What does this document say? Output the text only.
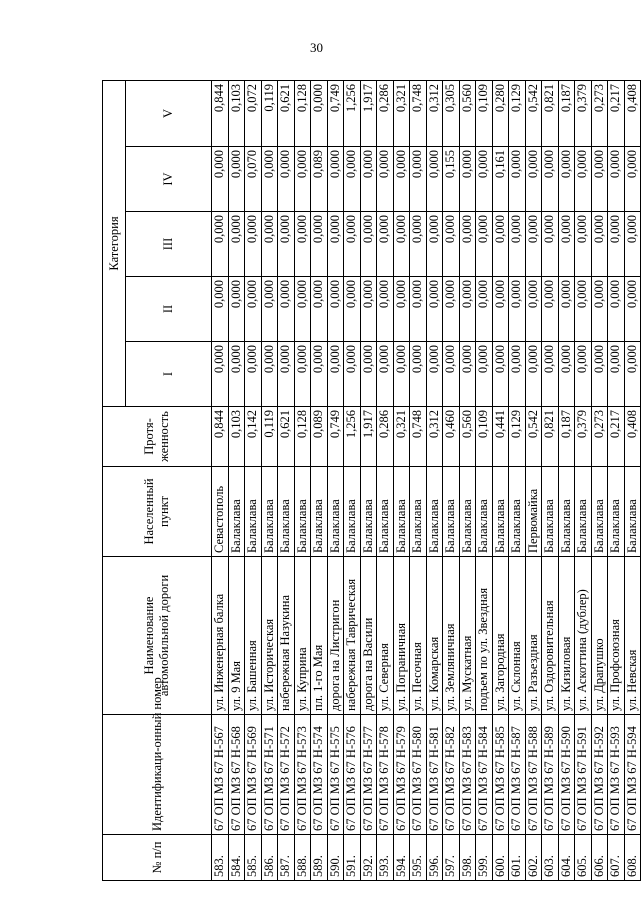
30
№ п/п	Идентификаци-онный номер	Наименование автомобильной дороги	Населенный пункт	Протя-женность	Категория				
					I	II	III	IV	V
583.	67 ОП МЗ 67 Н-567	ул. Инженерная балка	Севастополь	0,844	0,000	0,000	0,000	0,000	0,844
584.	67 ОП МЗ 67 Н-568	ул. 9 Мая	Балаклава	0,103	0,000	0,000	0,000	0,000	0,103
585.	67 ОП МЗ 67 Н-569	ул. Башенная	Балаклава	0,142	0,000	0,000	0,000	0,070	0,072
586.	67 ОП МЗ 67 Н-571	ул. Историческая	Балаклава	0,119	0,000	0,000	0,000	0,000	0,119
587.	67 ОП МЗ 67 Н-572	набережная Назукина	Балаклава	0,621	0,000	0,000	0,000	0,000	0,621
588.	67 ОП МЗ 67 Н-573	ул. Куприна	Балаклава	0,128	0,000	0,000	0,000	0,000	0,128
589.	67 ОП МЗ 67 Н-574	пл. 1-го Мая	Балаклава	0,089	0,000	0,000	0,000	0,089	0,000
590.	67 ОП МЗ 67 Н-575	дорога на Листригон	Балаклава	0,749	0,000	0,000	0,000	0,000	0,749
591.	67 ОП МЗ 67 Н-576	набережная Таврическая	Балаклава	1,256	0,000	0,000	0,000	0,000	1,256
592.	67 ОП МЗ 67 Н-577	дорога на Васили	Балаклава	1,917	0,000	0,000	0,000	0,000	1,917
593.	67 ОП МЗ 67 Н-578	ул. Северная	Балаклава	0,286	0,000	0,000	0,000	0,000	0,286
594.	67 ОП МЗ 67 Н-579	ул. Пограничная	Балаклава	0,321	0,000	0,000	0,000	0,000	0,321
595.	67 ОП МЗ 67 Н-580	ул. Песочная	Балаклава	0,748	0,000	0,000	0,000	0,000	0,748
596.	67 ОП МЗ 67 Н-581	ул. Комарская	Балаклава	0,312	0,000	0,000	0,000	0,000	0,312
597.	67 ОП МЗ 67 Н-582	ул. Земляничная	Балаклава	0,460	0,000	0,000	0,000	0,155	0,305
598.	67 ОП МЗ 67 Н-583	ул. Мускатная	Балаклава	0,560	0,000	0,000	0,000	0,000	0,560
599.	67 ОП МЗ 67 Н-584	подъем по ул. Звездная	Балаклава	0,109	0,000	0,000	0,000	0,000	0,109
600.	67 ОП МЗ 67 Н-585	ул. Загородная	Балаклава	0,441	0,000	0,000	0,000	0,161	0,280
601.	67 ОП МЗ 67 Н-587	ул. Склонная	Балаклава	0,129	0,000	0,000	0,000	0,000	0,129
602.	67 ОП МЗ 67 Н-588	ул. Разъездная	Первомайка	0,542	0,000	0,000	0,000	0,000	0,542
603.	67 ОП МЗ 67 Н-589	ул. Оздоровительная	Балаклава	0,821	0,000	0,000	0,000	0,000	0,821
604.	67 ОП МЗ 67 Н-590	ул. Кизиловая	Балаклава	0,187	0,000	0,000	0,000	0,000	0,187
605.	67 ОП МЗ 67 Н-591	ул. Аскоттина (дублер)	Балаклава	0,379	0,000	0,000	0,000	0,000	0,379
606.	67 ОП МЗ 67 Н-592	ул. Драпушко	Балаклава	0,273	0,000	0,000	0,000	0,000	0,273
607.	67 ОП МЗ 67 Н-593	ул. Профсоюзная	Балаклава	0,217	0,000	0,000	0,000	0,000	0,217
608.	67 ОП МЗ 67 Н-594	ул. Невская	Балаклава	0,408	0,000	0,000	0,000	0,000	0,408
